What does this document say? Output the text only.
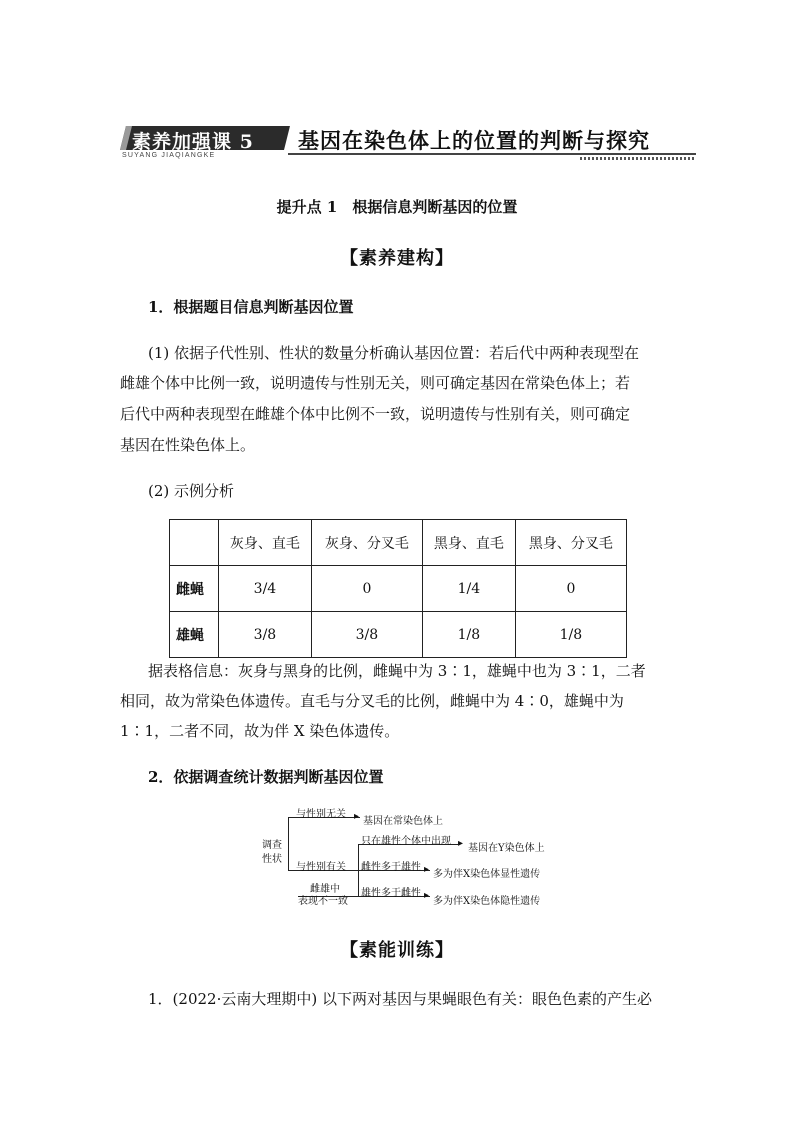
素养加强课 5
SUYANG JIAQIANGKE
基因在染色体上的位置的判断与探究
提升点 1　根据信息判断基因的位置
【素养建构】
1．根据题目信息判断基因位置
(1) 依据子代性别、性状的数量分析确认基因位置：若后代中两种表现型在
雌雄个体中比例一致，说明遗传与性别无关，则可确定基因在常染色体上；若
后代中两种表现型在雌雄个体中比例不一致，说明遗传与性别有关，则可确定
基因在性染色体上。
(2) 示例分析
	灰身、直毛	灰身、分叉毛	黑身、直毛	黑身、分叉毛
雌蝇	3/4	0	1/4	0
雄蝇	3/8	3/8	1/8	1/8
据表格信息：灰身与黑身的比例，雌蝇中为 3∶1，雄蝇中也为 3∶1，二者
相同，故为常染色体遗传。直毛与分叉毛的比例，雌蝇中为 4∶0，雄蝇中为
1∶1，二者不同，故为伴 X 染色体遗传。
2．依据调查统计数据判断基因位置
调查
性状
与性别无关 ▸ 基因在常染色体上
与性别有关
只在雄性个体中出现 ▸ 基因在Y染色体上
雌雄中
表现不一致
雌性多于雄性 ▸ 多为伴X染色体显性遗传
雄性多于雌性 ▸
多为伴X染色体隐性遗传
【素能训练】
1．(2022·云南大理期中) 以下两对基因与果蝇眼色有关：眼色色素的产生必
